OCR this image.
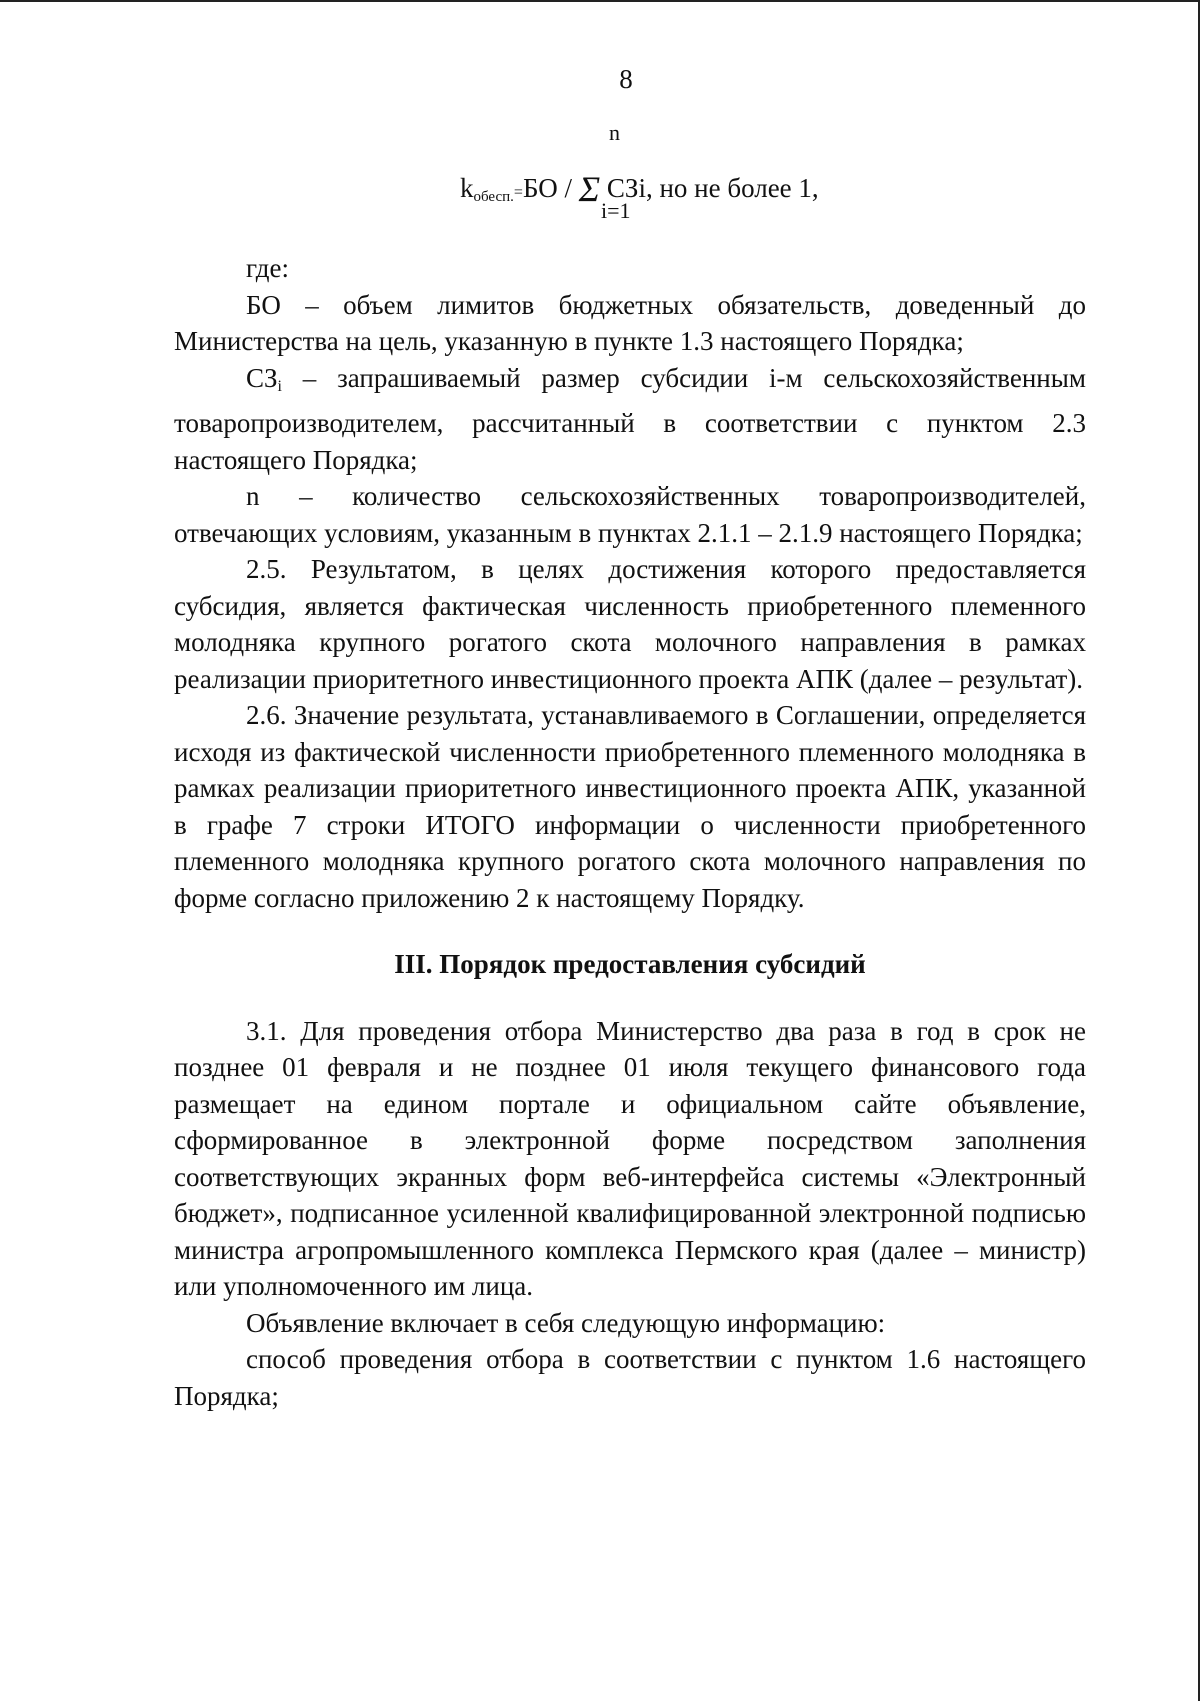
8
n
$k_{обесп.}=БО / \Sigma$ СЗi, но не более 1,
i=1

где:

БО – объем лимитов бюджетных обязательств, доведенный до Министерства на цель, указанную в пункте 1.3 настоящего Порядка;

$СЗ_i$ – запрашиваемый размер субсидии i-м сельскохозяйственным товаропроизводителем, рассчитанный в соответствии с пунктом 2.3 настоящего Порядка;

n – количество сельскохозяйственных товаропроизводителей, отвечающих условиям, указанным в пунктах 2.1.1 – 2.1.9 настоящего Порядка;

2.5. Результатом, в целях достижения которого предоставляется субсидия, является фактическая численность приобретенного племенного молодняка крупного рогатого скота молочного направления в рамках реализации приоритетного инвестиционного проекта АПК (далее – результат).

2.6. Значение результата, устанавливаемого в Соглашении, определяется исходя из фактической численности приобретенного племенного молодняка в рамках реализации приоритетного инвестиционного проекта АПК, указанной в графе 7 строки ИТОГО информации о численности приобретенного племенного молодняка крупного рогатого скота молочного направления по форме согласно приложению 2 к настоящему Порядку.

III. Порядок предоставления субсидий

3.1. Для проведения отбора Министерство два раза в год в срок не позднее 01 февраля и не позднее 01 июля текущего финансового года размещает на едином портале и официальном сайте объявление, сформированное в электронной форме посредством заполнения соответствующих экранных форм веб-интерфейса системы «Электронный бюджет», подписанное усиленной квалифицированной электронной подписью министра агропромышленного комплекса Пермского края (далее – министр) или уполномоченного им лица.

Объявление включает в себя следующую информацию:

способ проведения отбора в соответствии с пунктом 1.6 настоящего Порядка;
